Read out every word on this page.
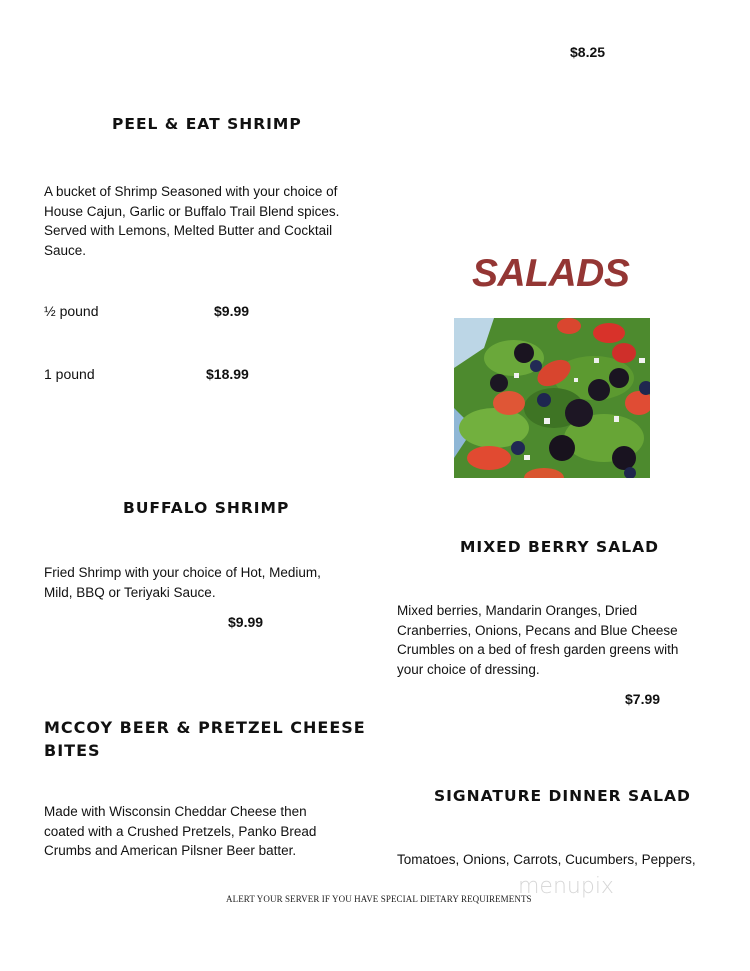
$8.25
PEEL & EAT SHRIMP
A bucket of Shrimp Seasoned with your choice of
House Cajun, Garlic or Buffalo Trail Blend spices.
Served with Lemons, Melted Butter and Cocktail
Sauce.
½ pound	$9.99
1 pound	$18.99
BUFFALO SHRIMP
Fried Shrimp with your choice of Hot, Medium,
Mild, BBQ or Teriyaki Sauce.
$9.99
MCCOY BEER & PRETZEL CHEESE
BITES
Made with Wisconsin Cheddar Cheese then
coated with a Crushed Pretzels, Panko Bread
Crumbs and American Pilsner Beer batter.
SALADS
MIXED BERRY SALAD
Mixed berries, Mandarin Oranges, Dried
Cranberries, Onions, Pecans and Blue Cheese
Crumbles on a bed of fresh garden greens with
your choice of dressing.
$7.99
SIGNATURE DINNER SALAD
Tomatoes, Onions, Carrots, Cucumbers, Peppers,
menupix
ALERT YOUR SERVER IF YOU HAVE SPECIAL DIETARY REQUIREMENTS
